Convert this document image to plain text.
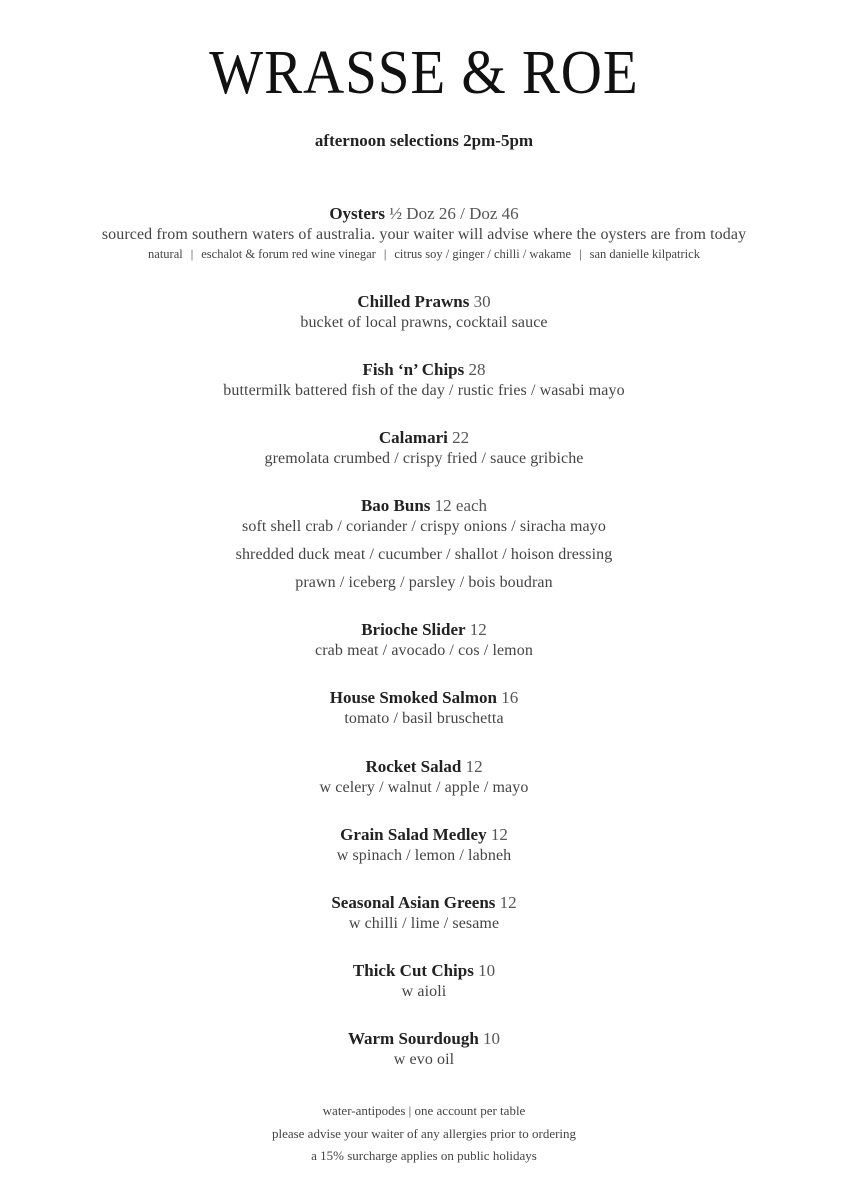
WRASSE & ROE
afternoon selections 2pm-5pm
Oysters ½ Doz 26 / Doz 46
sourced from southern waters of australia. your waiter will advise where the oysters are from today
natural | eschalot & forum red wine vinegar | citrus soy / ginger / chilli / wakame | san danielle kilpatrick
Chilled Prawns 30
bucket of local prawns, cocktail sauce
Fish ‘n’ Chips 28
buttermilk battered fish of the day / rustic fries / wasabi mayo
Calamari 22
gremolata crumbed / crispy fried / sauce gribiche
Bao Buns 12 each
soft shell crab / coriander / crispy onions / siracha mayo
shredded duck meat / cucumber / shallot / hoison dressing
prawn / iceberg / parsley / bois boudran
Brioche Slider 12
crab meat / avocado / cos / lemon
House Smoked Salmon 16
tomato / basil bruschetta
Rocket Salad 12
w celery / walnut / apple / mayo
Grain Salad Medley 12
w spinach / lemon / labneh
Seasonal Asian Greens 12
w chilli / lime / sesame
Thick Cut Chips 10
w aioli
Warm Sourdough 10
w evo oil
water-antipodes | one account per table
please advise your waiter of any allergies prior to ordering
a 15% surcharge applies on public holidays
